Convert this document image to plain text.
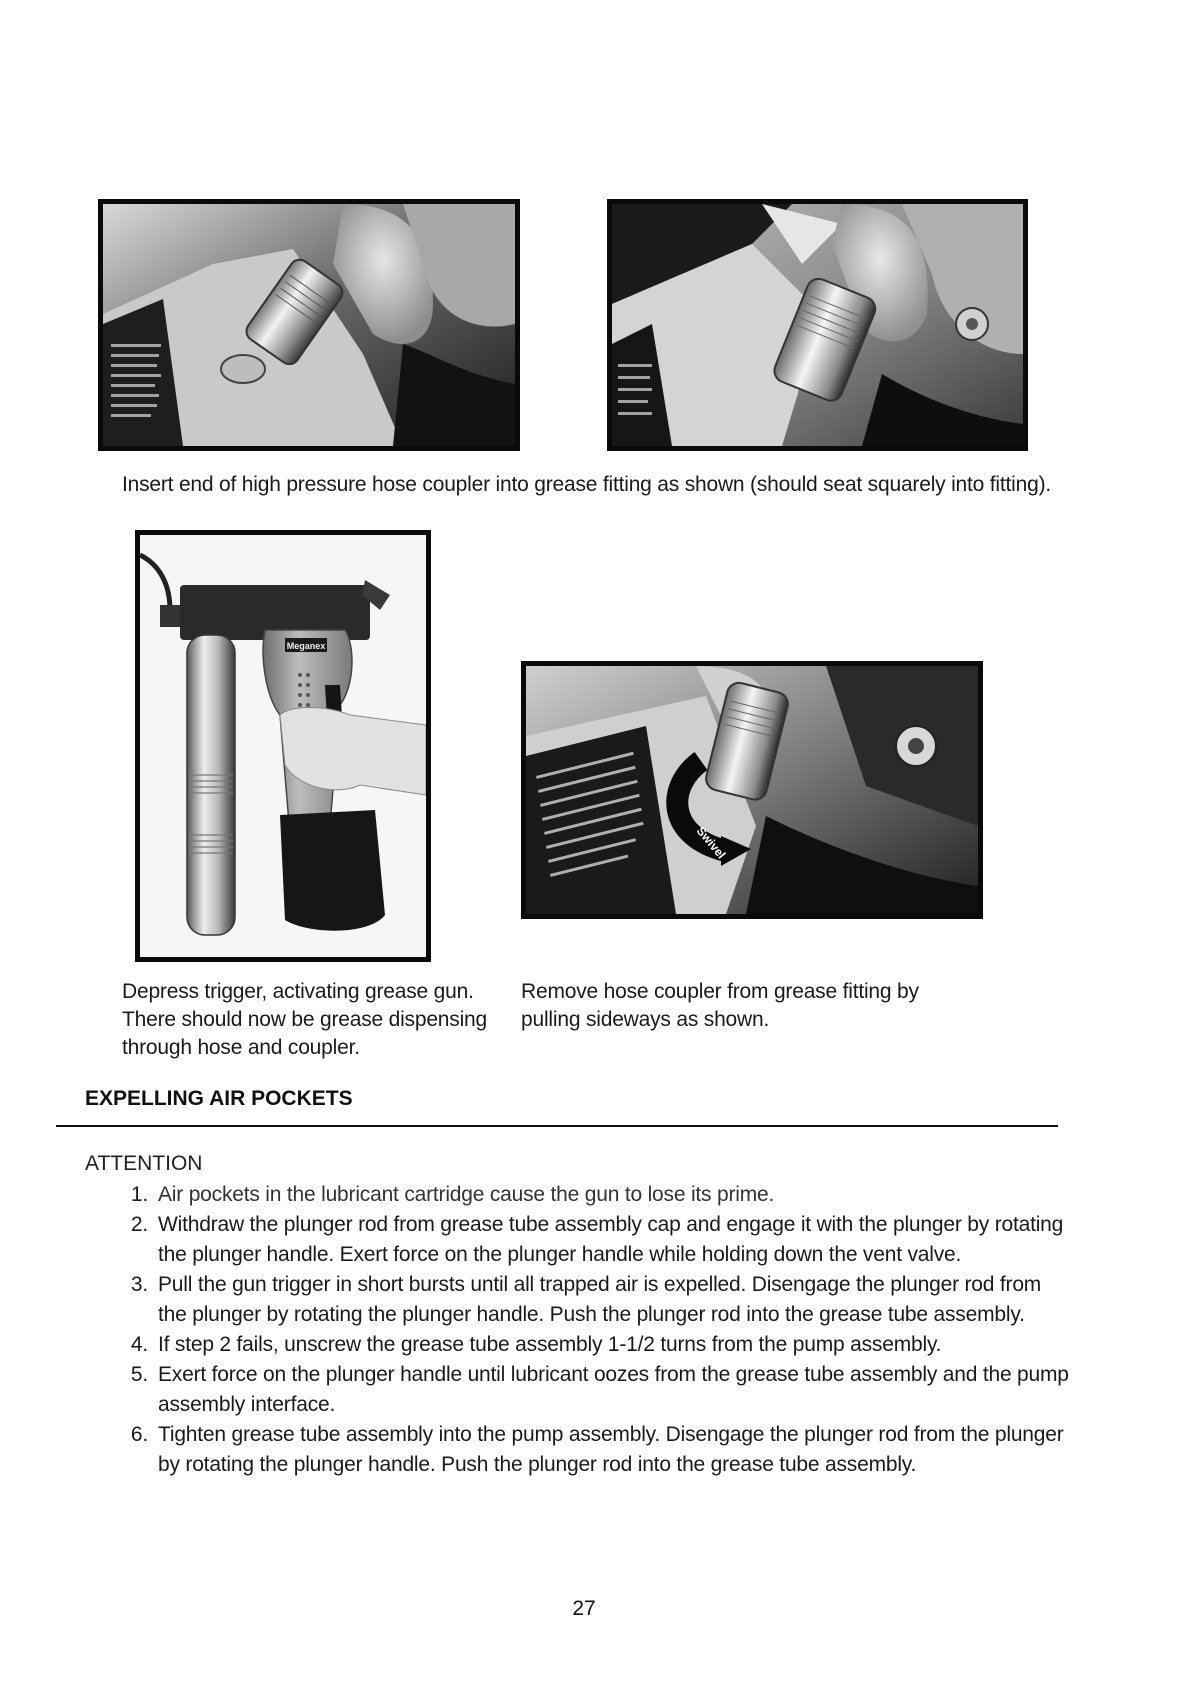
Insert end of high pressure hose coupler into grease fitting as shown (should seat squarely into fitting).
Meganex
Swivel
Depress trigger, activating grease gun.
There should now be grease dispensing
through hose and coupler.
Remove hose coupler from grease fitting by
pulling sideways as shown.
EXPELLING AIR POCKETS
ATTENTION
1. Air pockets in the lubricant cartridge cause the gun to lose its prime.
2. Withdraw the plunger rod from grease tube assembly cap and engage it with the plunger by rotating the plunger handle. Exert force on the plunger handle while holding down the vent valve.
3. Pull the gun trigger in short bursts until all trapped air is expelled. Disengage the plunger rod from the plunger by rotating the plunger handle. Push the plunger rod into the grease tube assembly.
4. If step 2 fails, unscrew the grease tube assembly 1-1/2 turns from the pump assembly.
5. Exert force on the plunger handle until lubricant oozes from the grease tube assembly and the pump assembly interface.
6. Tighten grease tube assembly into the pump assembly. Disengage the plunger rod from the plunger by rotating the plunger handle. Push the plunger rod into the grease tube assembly.
27
